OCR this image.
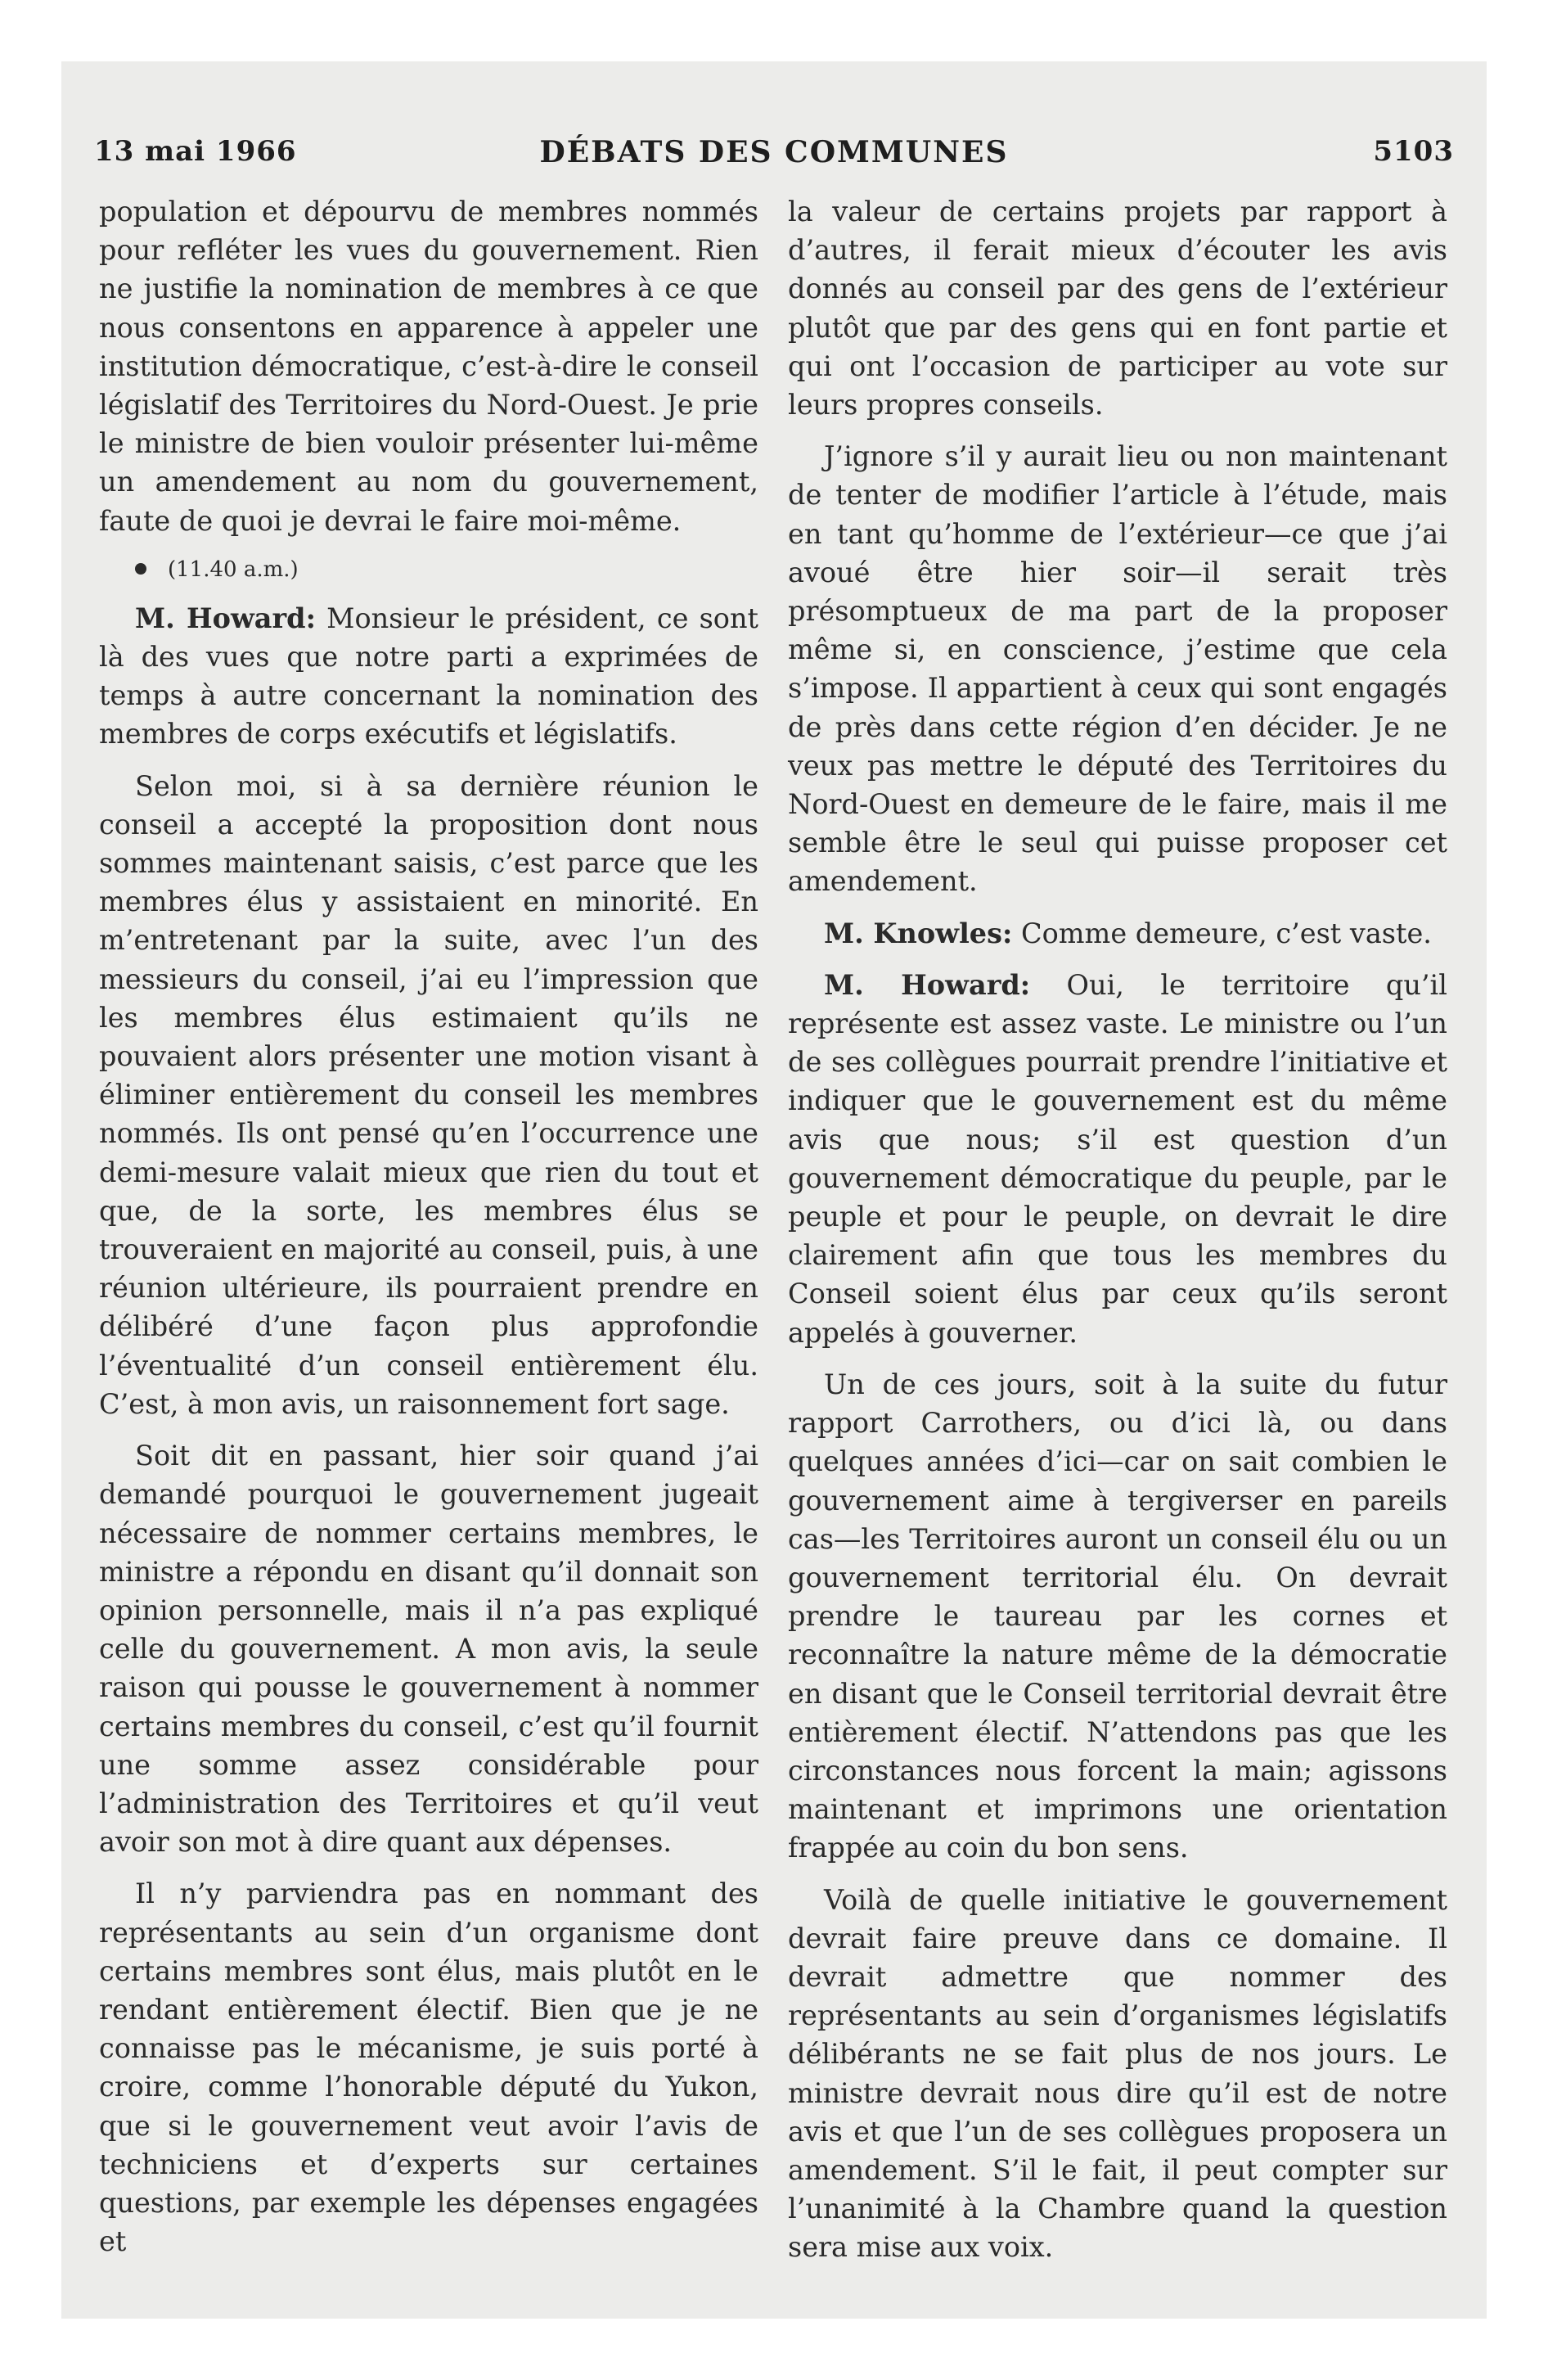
13 mai 1966	DÉBATS DES COMMUNES	5103

population et dépourvu de membres nommés pour refléter les vues du gouvernement. Rien ne justifie la nomination de membres à ce que nous consentons en apparence à appeler une institution démocratique, c’est-à-dire le conseil législatif des Territoires du Nord-Ouest. Je prie le ministre de bien vouloir présenter lui-même un amendement au nom du gouvernement, faute de quoi je devrai le faire moi-même.

(11.40 a.m.)

M. Howard: Monsieur le président, ce sont là des vues que notre parti a exprimées de temps à autre concernant la nomination des membres de corps exécutifs et législatifs.

Selon moi, si à sa dernière réunion le conseil a accepté la proposition dont nous sommes maintenant saisis, c’est parce que les membres élus y assistaient en minorité. En m’entretenant par la suite, avec l’un des messieurs du conseil, j’ai eu l’impression que les membres élus estimaient qu’ils ne pouvaient alors présenter une motion visant à éliminer entièrement du conseil les membres nommés. Ils ont pensé qu’en l’occurrence une demi-mesure valait mieux que rien du tout et que, de la sorte, les membres élus se trouveraient en majorité au conseil, puis, à une réunion ultérieure, ils pourraient prendre en délibéré d’une façon plus approfondie l’éventualité d’un conseil entièrement élu. C’est, à mon avis, un raisonnement fort sage.

Soit dit en passant, hier soir quand j’ai demandé pourquoi le gouvernement jugeait nécessaire de nommer certains membres, le ministre a répondu en disant qu’il donnait son opinion personnelle, mais il n’a pas expliqué celle du gouvernement. A mon avis, la seule raison qui pousse le gouvernement à nommer certains membres du conseil, c’est qu’il fournit une somme assez considérable pour l’administration des Territoires et qu’il veut avoir son mot à dire quant aux dépenses.

Il n’y parviendra pas en nommant des représentants au sein d’un organisme dont certains membres sont élus, mais plutôt en le rendant entièrement électif. Bien que je ne connaisse pas le mécanisme, je suis porté à croire, comme l’honorable député du Yukon, que si le gouvernement veut avoir l’avis de techniciens et d’experts sur certaines questions, par exemple les dépenses engagées et

la valeur de certains projets par rapport à d’autres, il ferait mieux d’écouter les avis donnés au conseil par des gens de l’extérieur plutôt que par des gens qui en font partie et qui ont l’occasion de participer au vote sur leurs propres conseils.

J’ignore s’il y aurait lieu ou non maintenant de tenter de modifier l’article à l’étude, mais en tant qu’homme de l’extérieur—ce que j’ai avoué être hier soir—il serait très présomptueux de ma part de la proposer même si, en conscience, j’estime que cela s’impose. Il appartient à ceux qui sont engagés de près dans cette région d’en décider. Je ne veux pas mettre le député des Territoires du Nord-Ouest en demeure de le faire, mais il me semble être le seul qui puisse proposer cet amendement.

M. Knowles: Comme demeure, c’est vaste.

M. Howard: Oui, le territoire qu’il représente est assez vaste. Le ministre ou l’un de ses collègues pourrait prendre l’initiative et indiquer que le gouvernement est du même avis que nous; s’il est question d’un gouvernement démocratique du peuple, par le peuple et pour le peuple, on devrait le dire clairement afin que tous les membres du Conseil soient élus par ceux qu’ils seront appelés à gouverner.

Un de ces jours, soit à la suite du futur rapport Carrothers, ou d’ici là, ou dans quelques années d’ici—car on sait combien le gouvernement aime à tergiverser en pareils cas—les Territoires auront un conseil élu ou un gouvernement territorial élu. On devrait prendre le taureau par les cornes et reconnaître la nature même de la démocratie en disant que le Conseil territorial devrait être entièrement électif. N’attendons pas que les circonstances nous forcent la main; agissons maintenant et imprimons une orientation frappée au coin du bon sens.

Voilà de quelle initiative le gouvernement devrait faire preuve dans ce domaine. Il devrait admettre que nommer des représentants au sein d’organismes législatifs délibérants ne se fait plus de nos jours. Le ministre devrait nous dire qu’il est de notre avis et que l’un de ses collègues proposera un amendement. S’il le fait, il peut compter sur l’unanimité à la Chambre quand la question sera mise aux voix.
